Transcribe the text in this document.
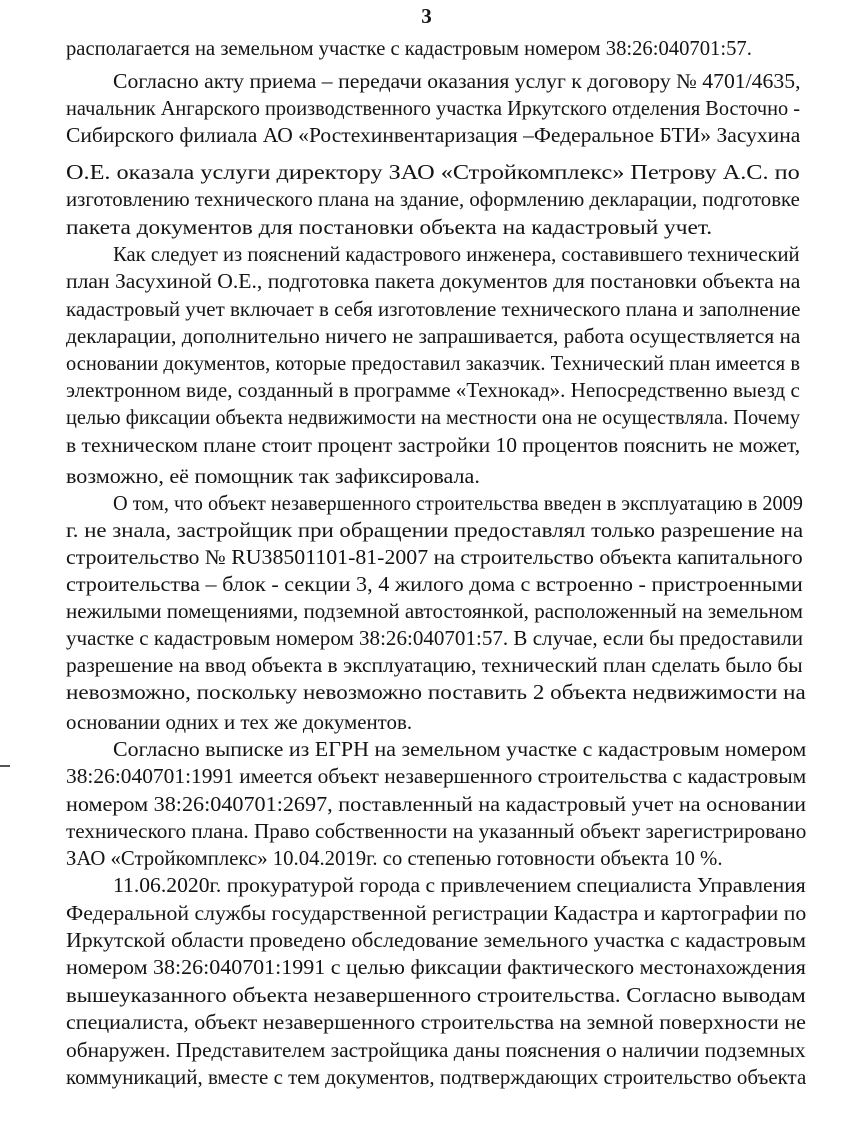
3
располагается на земельном участке с кадастровым номером 38:26:040701:57.
Согласно акту приема – передачи оказания услуг к договору № 4701/4635,
начальник Ангарского производственного участка Иркутского отделения Восточно -
Сибирского филиала АО «Ростехинвентаризация –Федеральное БТИ» Засухина
О.Е. оказала услуги директору ЗАО «Стройкомплекс» Петрову А.С. по
изготовлению технического плана на здание, оформлению декларации, подготовке
пакета документов для постановки объекта на кадастровый учет.
Как следует из пояснений кадастрового инженера, составившего технический
план Засухиной О.Е., подготовка пакета документов для постановки объекта на
кадастровый учет включает в себя изготовление технического плана и заполнение
декларации, дополнительно ничего не запрашивается, работа осуществляется на
основании документов, которые предоставил заказчик. Технический план имеется в
электронном виде, созданный в программе «Технокад». Непосредственно выезд с
целью фиксации объекта недвижимости на местности она не осуществляла. Почему
в техническом плане стоит процент застройки 10 процентов пояснить не может,
возможно, её помощник так зафиксировала.
О том, что объект незавершенного строительства введен в эксплуатацию в 2009
г. не знала, застройщик при обращении предоставлял только разрешение на
строительство № RU38501101-81-2007 на строительство объекта капитального
строительства – блок - секции 3, 4 жилого дома с встроенно - пристроенными
нежилыми помещениями, подземной автостоянкой, расположенный на земельном
участке с кадастровым номером 38:26:040701:57. В случае, если бы предоставили
разрешение на ввод объекта в эксплуатацию, технический план сделать было бы
невозможно, поскольку невозможно поставить 2 объекта недвижимости на
основании одних и тех же документов.
Согласно выписке из ЕГРН на земельном участке с кадастровым номером
38:26:040701:1991 имеется объект незавершенного строительства с кадастровым
номером 38:26:040701:2697, поставленный на кадастровый учет на основании
технического плана. Право собственности на указанный объект зарегистрировано
ЗАО «Стройкомплекс» 10.04.2019г. со степенью готовности объекта 10 %.
11.06.2020г. прокуратурой города с привлечением специалиста Управления
Федеральной службы государственной регистрации Кадастра и картографии по
Иркутской области проведено обследование земельного участка с кадастровым
номером 38:26:040701:1991 с целью фиксации фактического местонахождения
вышеуказанного объекта незавершенного строительства. Согласно выводам
специалиста, объект незавершенного строительства на земной поверхности не
обнаружен. Представителем застройщика даны пояснения о наличии подземных
коммуникаций, вместе с тем документов, подтверждающих строительство объекта
